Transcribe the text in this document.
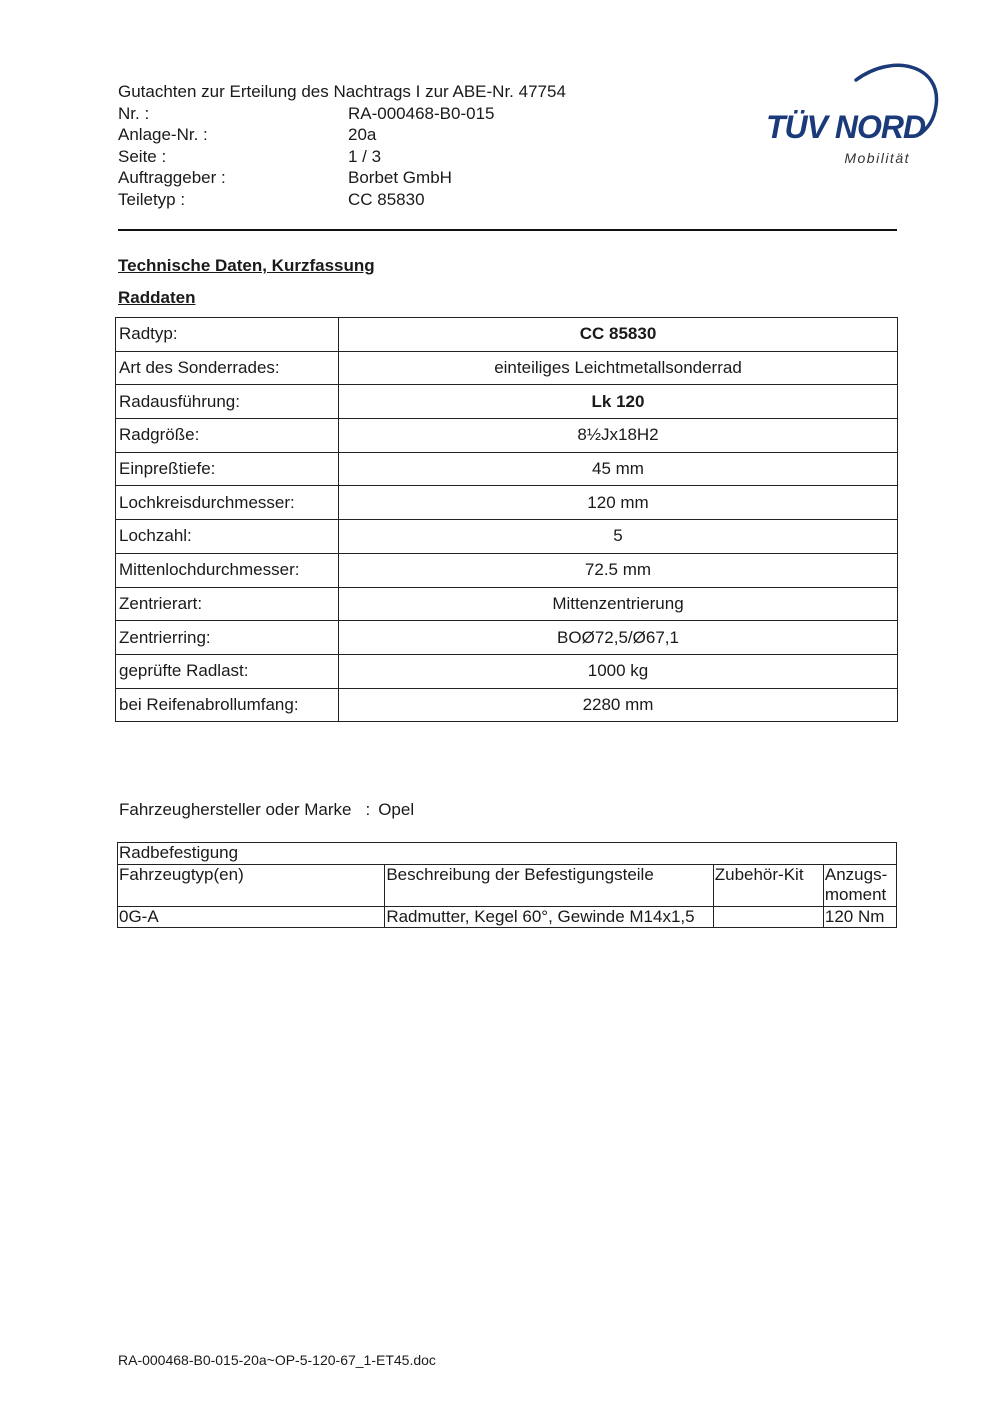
Gutachten zur Erteilung des Nachtrags I zur ABE-Nr. 47754
Nr. :	RA-000468-B0-015
Anlage-Nr. :	20a
Seite :	1 / 3
Auftraggeber :	Borbet GmbH
Teiletyp :	CC 85830
TÜV NORD
Mobilität
Technische Daten, Kurzfassung
Raddaten
Radtyp:	CC 85830
Art des Sonderrades:	einteiliges Leichtmetallsonderrad
Radausführung:	Lk 120
Radgröße:	8½Jx18H2
Einpreßtiefe:	45 mm
Lochkreisdurchmesser:	120 mm
Lochzahl:	5
Mittenlochdurchmesser:	72.5 mm
Zentrierart:	Mittenzentrierung
Zentrierring:	BOØ72,5/Ø67,1
geprüfte Radlast:	1000 kg
bei Reifenabrollumfang:	2280 mm
Fahrzeughersteller oder Marke : Opel
Radbefestigung			
Fahrzeugtyp(en)	Beschreibung der Befestigungsteile	Zubehör-Kit	Anzugs-moment
0G-A	Radmutter, Kegel 60°, Gewinde M14x1,5		120 Nm
RA-000468-B0-015-20a~OP-5-120-67_1-ET45.doc
